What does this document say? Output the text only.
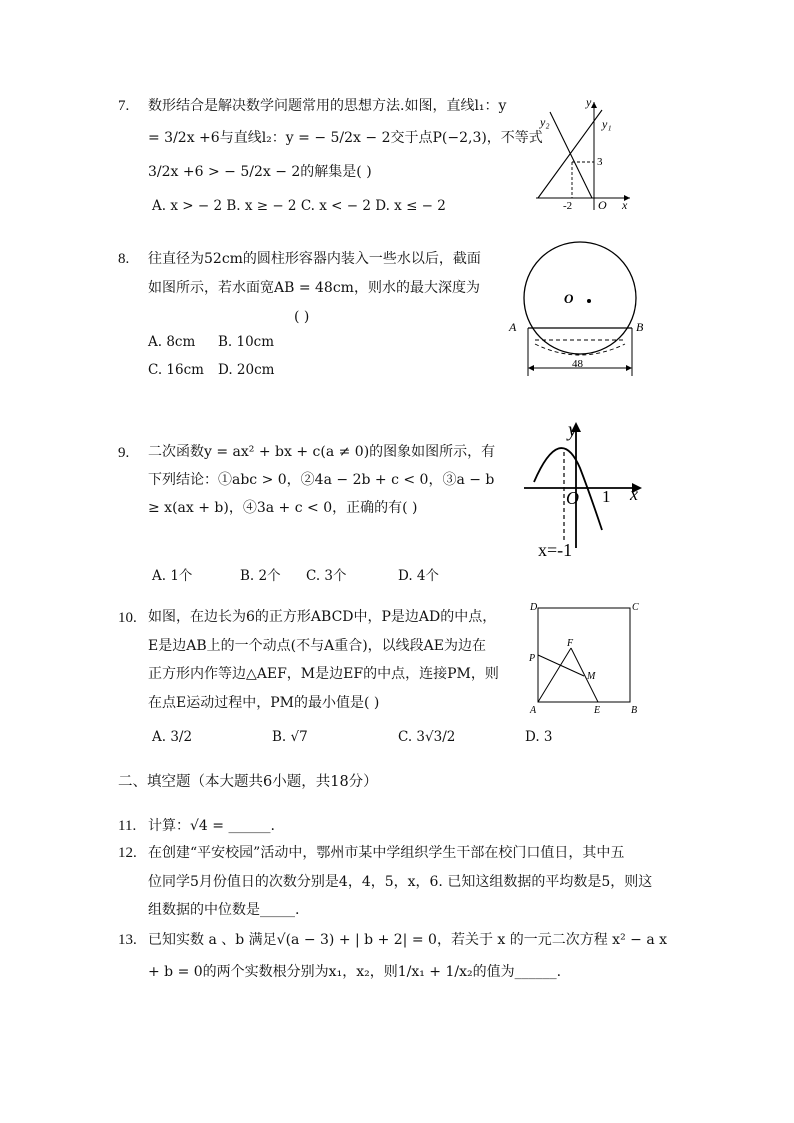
7. 数形结合是解决数学问题常用的思想方法.如图，直线l₁：y
= 3/2x +6与直线l₂：y = − 5/2x − 2交于点P(−2,3)，不等式
3/2x +6 > − 5/2x − 2的解集是( )
A. x > − 2 B. x ≥ − 2 C. x < − 2 D. x ≤ − 2
y
y₁
y₂
3
-2 O x
8. 往直径为52cm的圆柱形容器内装入一些水以后，截面
如图所示，若水面宽AB = 48cm，则水的最大深度为
( )
A. 8cm B. 10cm
C. 16cm D. 20cm
O
A	B
48
9. 二次函数y = ax² + bx + c(a ≠ 0)的图象如图所示，有
下列结论：①abc > 0，②4a − 2b + c < 0，③a − b
≥ x(ax + b)，④3a + c < 0，正确的有( )
A. 1个	B. 2个 C. 3个	D. 4个
y
x
O 1
x=-1
10. 如图，在边长为6的正方形ABCD中，P是边AD的中点，
E是边AB上的一个动点(不与A重合)，以线段AE为边在
正方形内作等边△AEF，M是边EF的中点，连接PM，则
在点E运动过程中，PM的最小值是( )
A. 3/2	B. √7	C. 3√3/2	D. 3
D	C
P
F
M
A	E	B
二、填空题（本大题共6小题，共18分）
11. 计算：√4 = ______.
12. 在创建“平安校园”活动中，鄂州市某中学组织学生干部在校门口值日，其中五
位同学5月份值日的次数分别是4，4，5，x，6. 已知这组数据的平均数是5，则这
组数据的中位数是_____.
13. 已知实数 a 、b 满足√(a − 3) + | b + 2| = 0，若关于 x 的一元二次方程 x² − a x
+ b = 0的两个实数根分别为x₁，x₂，则1/x₁ + 1/x₂的值为______.
